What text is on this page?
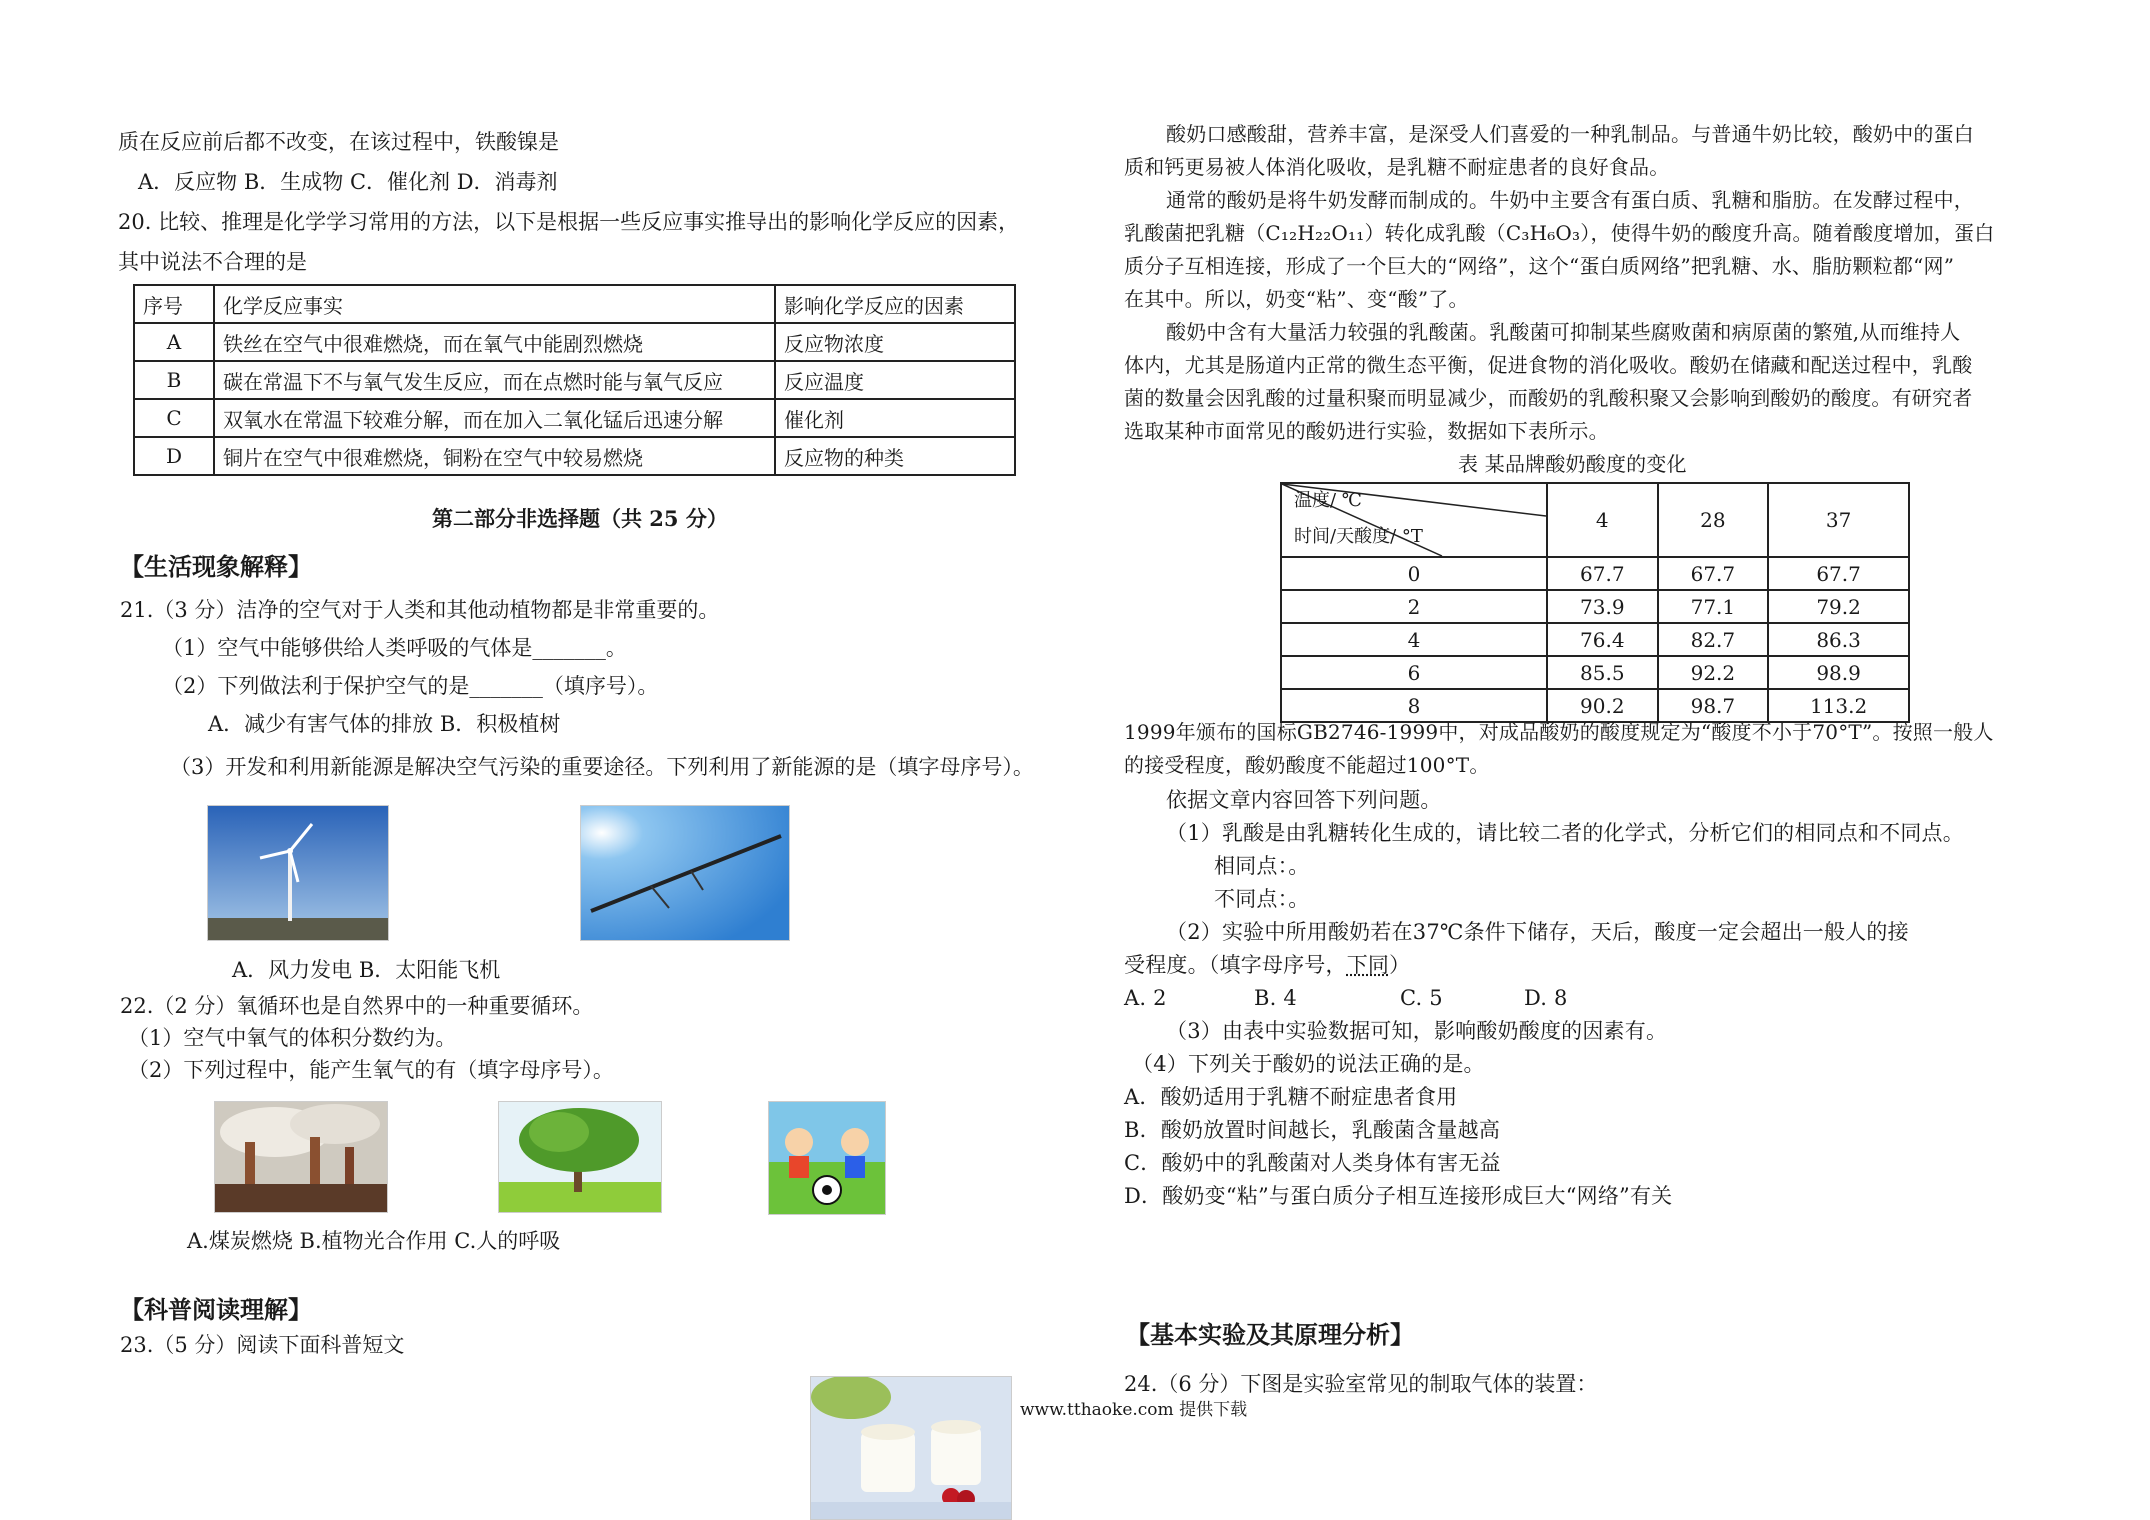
质在反应前后都不改变，在该过程中，铁酸镍是
A．反应物 B．生成物 C．催化剂 D．消毒剂
20. 比较、推理是化学学习常用的方法，以下是根据一些反应事实推导出的影响化学反应的因素，
其中说法不合理的是
序号	化学反应事实	影响化学反应的因素
A	铁丝在空气中很难燃烧，而在氧气中能剧烈燃烧	反应物浓度
B	碳在常温下不与氧气发生反应，而在点燃时能与氧气反应	反应温度
C	双氧水在常温下较难分解，而在加入二氧化锰后迅速分解	催化剂
D	铜片在空气中很难燃烧，铜粉在空气中较易燃烧	反应物的种类
第二部分非选择题（共 25 分）
【生活现象解释】
21.（3 分）洁净的空气对于人类和其他动植物都是非常重要的。
（1）空气中能够供给人类呼吸的气体是_______。
（2）下列做法利于保护空气的是_______（填序号）。
A．减少有害气体的排放 B．积极植树
（3）开发和利用新能源是解决空气污染的重要途径。下列利用了新能源的是（填字母序号）。
A．风力发电 B．太阳能飞机
22.（2 分）氧循环也是自然界中的一种重要循环。
（1）空气中氧气的体积分数约为。
（2）下列过程中，能产生氧气的有（填字母序号）。
A.煤炭燃烧 B.植物光合作用 C.人的呼吸
【科普阅读理解】
23.（5 分）阅读下面科普短文
www.tthaoke.com 提供下载
酸奶口感酸甜，营养丰富，是深受人们喜爱的一种乳制品。与普通牛奶比较，酸奶中的蛋白
质和钙更易被人体消化吸收，是乳糖不耐症患者的良好食品。
通常的酸奶是将牛奶发酵而制成的。牛奶中主要含有蛋白质、乳糖和脂肪。在发酵过程中，
乳酸菌把乳糖（C₁₂H₂₂O₁₁）转化成乳酸（C₃H₆O₃），使得牛奶的酸度升高。随着酸度增加，蛋白
质分子互相连接，形成了一个巨大的“网络”，这个“蛋白质网络”把乳糖、水、脂肪颗粒都“网”
在其中。所以，奶变“粘”、变“酸”了。
酸奶中含有大量活力较强的乳酸菌。乳酸菌可抑制某些腐败菌和病原菌的繁殖,从而维持人
体内，尤其是肠道内正常的微生态平衡，促进食物的消化吸收。酸奶在储藏和配送过程中，乳酸
菌的数量会因乳酸的过量积聚而明显减少，而酸奶的乳酸积聚又会影响到酸奶的酸度。有研究者
选取某种市面常见的酸奶进行实验，数据如下表所示。
表 某品牌酸奶酸度的变化
温度/ ℃
时间/天酸度/ °T	4	28	37
0	67.7	67.7	67.7
2	73.9	77.1	79.2
4	76.4	82.7	86.3
6	85.5	92.2	98.9
8	90.2	98.7	113.2
1999年颁布的国标GB2746-1999中，对成品酸奶的酸度规定为“酸度不小于70°T”。按照一般人
的接受程度，酸奶酸度不能超过100°T。
依据文章内容回答下列问题。
（1）乳酸是由乳糖转化生成的，请比较二者的化学式，分析它们的相同点和不同点。
相同点：。
不同点：。
（2）实验中所用酸奶若在37℃条件下储存，天后，酸度一定会超出一般人的接
受程度。（填字母序号，下同）
A. 2	B. 4	C. 5	D. 8
（3）由表中实验数据可知，影响酸奶酸度的因素有。
（4）下列关于酸奶的说法正确的是。
A．酸奶适用于乳糖不耐症患者食用
B．酸奶放置时间越长，乳酸菌含量越高
C．酸奶中的乳酸菌对人类身体有害无益
D．酸奶变“粘”与蛋白质分子相互连接形成巨大“网络”有关
【基本实验及其原理分析】
24.（6 分）下图是实验室常见的制取气体的装置：
